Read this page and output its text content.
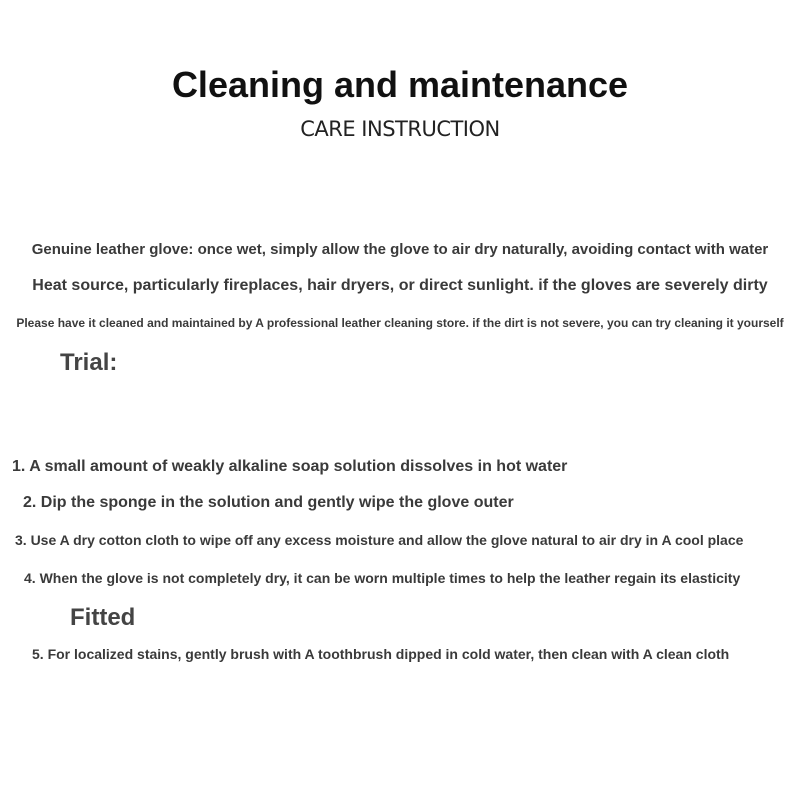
Cleaning and maintenance
CARE INSTRUCTION

Genuine leather glove: once wet, simply allow the glove to air dry naturally, avoiding contact with water

Heat source, particularly fireplaces, hair dryers, or direct sunlight. if the gloves are severely dirty

Please have it cleaned and maintained by A professional leather cleaning store. if the dirt is not severe, you can try cleaning it yourself

Trial:

1. A small amount of weakly alkaline soap solution dissolves in hot water

2. Dip the sponge in the solution and gently wipe the glove outer

3. Use A dry cotton cloth to wipe off any excess moisture and allow the glove natural to air dry in A cool place

4. When the glove is not completely dry, it can be worn multiple times to help the leather regain its elasticity

Fitted

5. For localized stains, gently brush with A toothbrush dipped in cold water, then clean with A clean cloth
